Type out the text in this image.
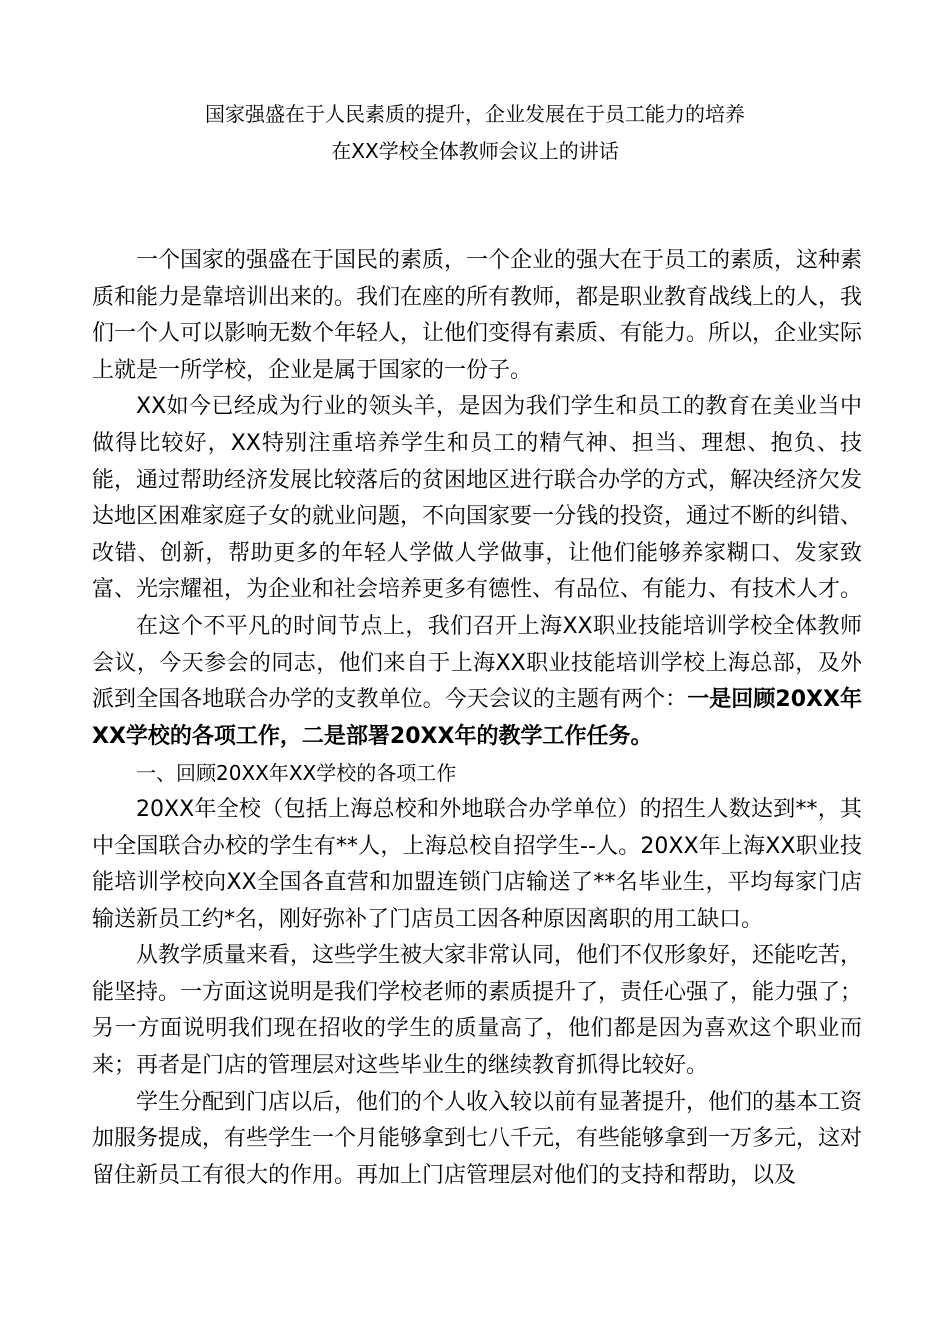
国家强盛在于人民素质的提升，企业发展在于员工能力的培养
在XX学校全体教师会议上的讲话

一个国家的强盛在于国民的素质，一个企业的强大在于员工的素质，这种素质和能力是靠培训出来的。我们在座的所有教师，都是职业教育战线上的人，我们一个人可以影响无数个年轻人，让他们变得有素质、有能力。所以，企业实际上就是一所学校，企业是属于国家的一份子。

XX如今已经成为行业的领头羊，是因为我们学生和员工的教育在美业当中做得比较好，XX特别注重培养学生和员工的精气神、担当、理想、抱负、技能，通过帮助经济发展比较落后的贫困地区进行联合办学的方式，解决经济欠发达地区困难家庭子女的就业问题，不向国家要一分钱的投资，通过不断的纠错、改错、创新，帮助更多的年轻人学做人学做事，让他们能够养家糊口、发家致富、光宗耀祖，为企业和社会培养更多有德性、有品位、有能力、有技术人才。

在这个不平凡的时间节点上，我们召开上海XX职业技能培训学校全体教师会议，今天参会的同志，他们来自于上海XX职业技能培训学校上海总部，及外派到全国各地联合办学的支教单位。今天会议的主题有两个：一是回顾20XX年XX学校的各项工作，二是部署20XX年的教学工作任务。

一、回顾20XX年XX学校的各项工作

20XX年全校（包括上海总校和外地联合办学单位）的招生人数达到**，其中全国联合办校的学生有**人，上海总校自招学生--人。20XX年上海XX职业技能培训学校向XX全国各直营和加盟连锁门店输送了**名毕业生，平均每家门店输送新员工约*名，刚好弥补了门店员工因各种原因离职的用工缺口。

从教学质量来看，这些学生被大家非常认同，他们不仅形象好，还能吃苦，能坚持。一方面这说明是我们学校老师的素质提升了，责任心强了，能力强了；另一方面说明我们现在招收的学生的质量高了，他们都是因为喜欢这个职业而来；再者是门店的管理层对这些毕业生的继续教育抓得比较好。

学生分配到门店以后，他们的个人收入较以前有显著提升，他们的基本工资加服务提成，有些学生一个月能够拿到七八千元，有些能够拿到一万多元，这对留住新员工有很大的作用。再加上门店管理层对他们的支持和帮助，以及
